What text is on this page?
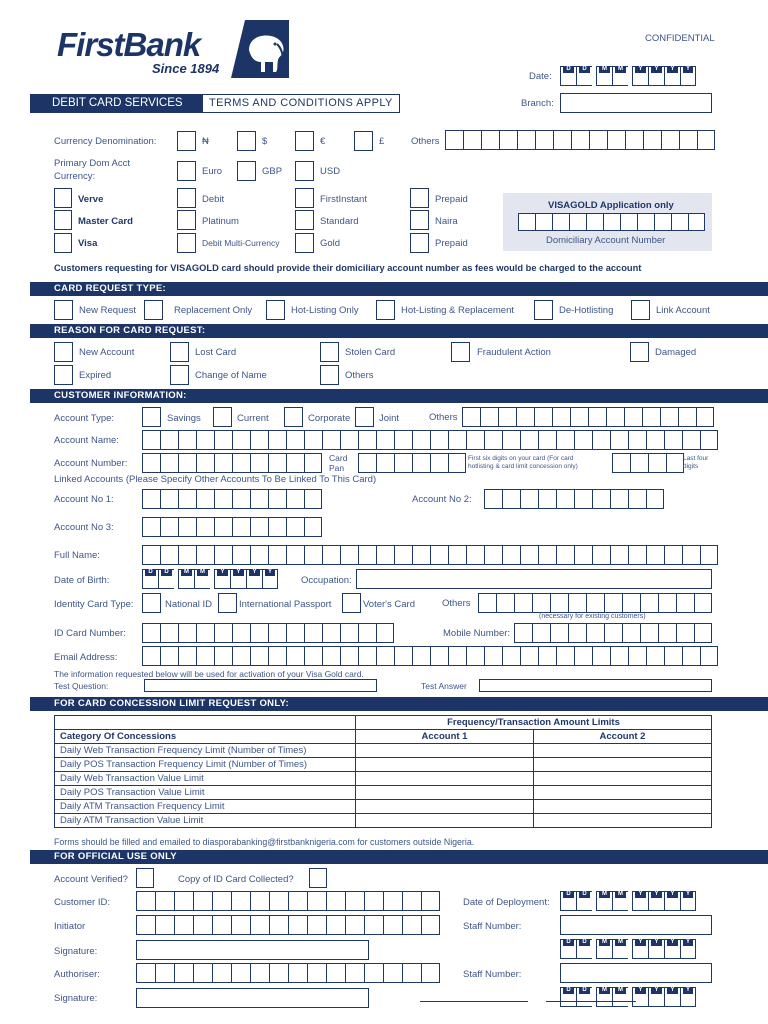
FirstBank
Since 1894
CONFIDENTIAL
Date:
D	D	M	M	Y	Y	Y	Y
DEBIT CARD SERVICES	TERMS AND CONDITIONS APPLY	Branch:
Currency Denomination:	₦	$	€	£	Others
Primary Dom Acct
Currency:	Euro	GBP	USD
Verve	Debit	FirstInstant	Prepaid
Master Card	Platinum	Standard	Naira
Visa	Debit Multi-Currency	Gold	Prepaid
VISAGOLD Application only
Domiciliary Account Number
Customers requesting for VISAGOLD card should provide their domiciliary account number as fees would be charged to the account
CARD REQUEST TYPE:
New Request	Replacement Only	Hot-Listing Only	Hot-Listing & Replacement	De-Hotlisting	Link Account
REASON FOR CARD REQUEST:
New Account	Lost Card	Stolen Card	Fraudulent Action	Damaged
Expired	Change of Name	Others
CUSTOMER INFORMATION:
Account Type:	Savings	Current	Corporate	Joint	Others
Account Name:
Account Number:	Card
Pan
First six digits on your card (For card
hotlisting & card limit concession only)
Last four
digits
Linked Accounts (Please Specify Other Accounts To Be Linked To This Card)
Account No 1:	Account No 2:
Account No 3:
Full Name:
Date of Birth:
D	D	M	M	Y	Y	Y	Y
Occupation:
Identity Card Type:	National ID	International Passport	Voter's Card	Others
(necessary for existing customers)
ID Card Number:	Mobile Number:
Email Address:
The information requested below will be used for activation of your Visa Gold card.
Test Question:	Test Answer
FOR CARD CONCESSION LIMIT REQUEST ONLY:
	Frequency/Transaction Amount Limits	
Category Of Concessions	Account 1	Account 2
Daily Web Transaction Frequency Limit (Number of Times)		
Daily POS Transaction Frequency Limit (Number of Times)		
Daily Web Transaction Value Limit		
Daily POS Transaction Value Limit		
Daily ATM Transaction Frequency Limit		
Daily ATM Transaction Value Limit		
Forms should be filled and emailed to diasporabanking@firstbanknigeria.com for customers outside Nigeria.
FOR OFFICIAL USE ONLY
Account Verified?	Copy of ID Card Collected?
Customer ID:	Date of Deployment:
D	D	M	M	Y	Y	Y	Y
Initiator	Staff Number:
Signature:
D	D	M	M	Y	Y	Y	Y
Authoriser:	Staff Number:
Signature:
D	D	M	M	Y	Y	Y	Y
